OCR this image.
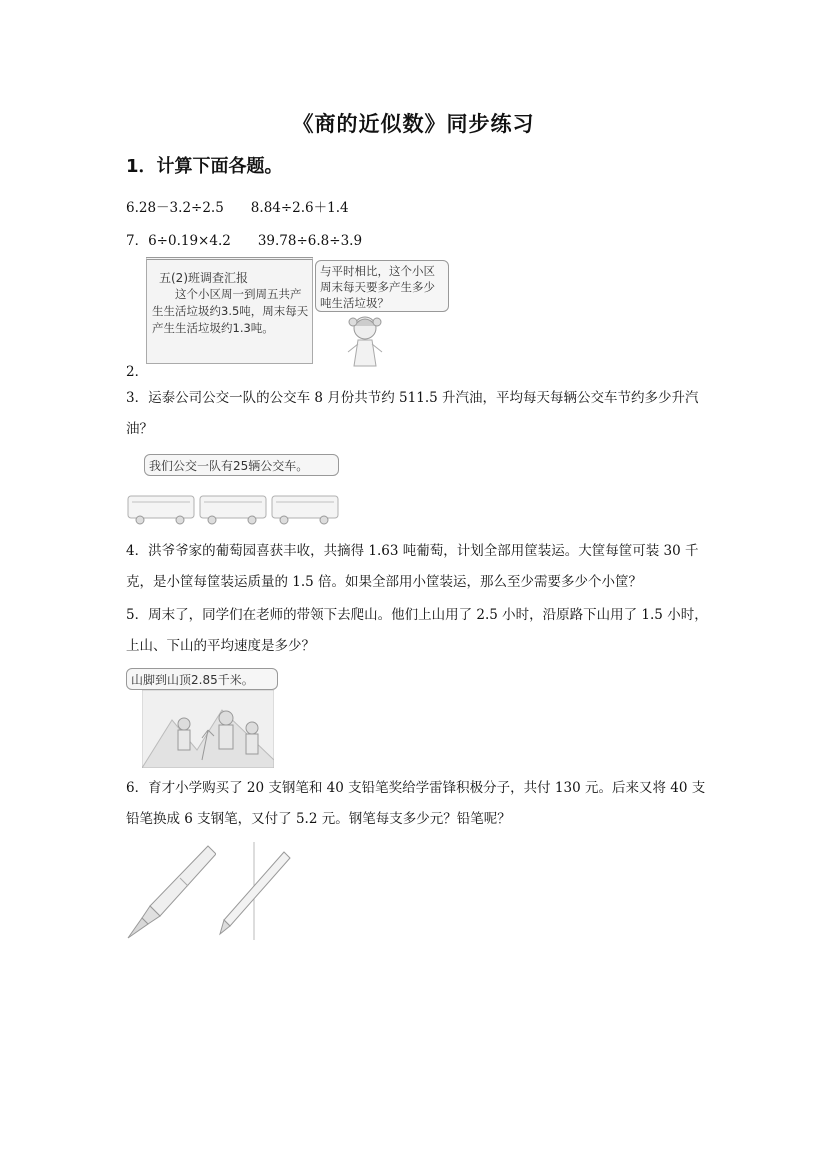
《商的近似数》同步练习
1．计算下面各题。
6.28－3.2÷2.5　　8.84÷2.6＋1.4
7．6÷0.19×4.2　　39.78÷6.8÷3.9
五(2)班调查汇报
这个小区周一到周五共产生生活垃圾约3.5吨，周末每天产生生活垃圾约1.3吨。
与平时相比，这个小区周末每天要多产生多少吨生活垃圾？
2．
3．运泰公司公交一队的公交车 8 月份共节约 511.5 升汽油，平均每天每辆公交车节约多少升汽油？
我们公交一队有25辆公交车。
4．洪爷爷家的葡萄园喜获丰收，共摘得 1.63 吨葡萄，计划全部用筐装运。大筐每筐可装 30 千克，是小筐每筐装运质量的 1.5 倍。如果全部用小筐装运，那么至少需要多少个小筐？
5．周末了，同学们在老师的带领下去爬山。他们上山用了 2.5 小时，沿原路下山用了 1.5 小时，上山、下山的平均速度是多少？
山脚到山顶2.85千米。
6．育才小学购买了 20 支钢笔和 40 支铅笔奖给学雷锋积极分子，共付 130 元。后来又将 40 支铅笔换成 6 支钢笔，又付了 5.2 元。钢笔每支多少元？铅笔呢？
